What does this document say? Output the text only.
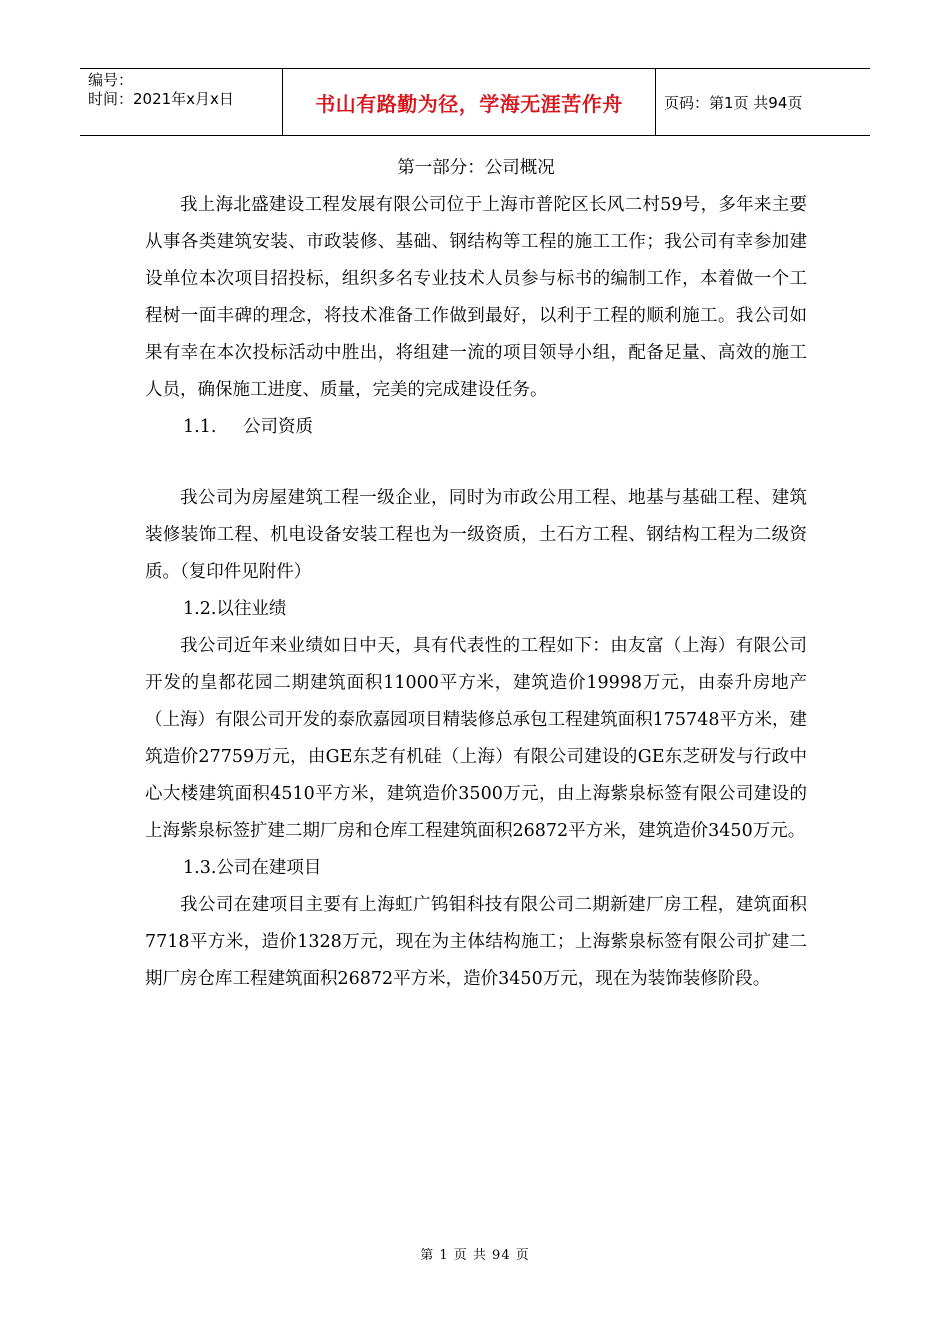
编号：
时间：2021年x月x日	书山有路勤为径，学海无涯苦作舟	页码：第1页 共94页
第一部分：公司概况

我上海北盛建设工程发展有限公司位于上海市普陀区长风二村59号，多年来主要从事各类建筑安装、市政装修、基础、钢结构等工程的施工工作；我公司有幸参加建设单位本次项目招投标，组织多名专业技术人员参与标书的编制工作，本着做一个工程树一面丰碑的理念，将技术准备工作做到最好，以利于工程的顺利施工。我公司如果有幸在本次投标活动中胜出，将组建一流的项目领导小组，配备足量、高效的施工人员，确保施工进度、质量，完美的完成建设任务。

1.1. 公司资质

我公司为房屋建筑工程一级企业，同时为市政公用工程、地基与基础工程、建筑装修装饰工程、机电设备安装工程也为一级资质，土石方工程、钢结构工程为二级资质。（复印件见附件）

1.2.以往业绩

我公司近年来业绩如日中天，具有代表性的工程如下：由友富（上海）有限公司开发的皇都花园二期建筑面积11000平方米，建筑造价19998万元，由泰升房地产（上海）有限公司开发的泰欣嘉园项目精装修总承包工程建筑面积175748平方米，建筑造价27759万元，由GE东芝有机硅（上海）有限公司建设的GE东芝研发与行政中心大楼建筑面积4510平方米，建筑造价3500万元，由上海紫泉标签有限公司建设的上海紫泉标签扩建二期厂房和仓库工程建筑面积26872平方米，建筑造价3450万元。

1.3.公司在建项目

我公司在建项目主要有上海虹广钨钼科技有限公司二期新建厂房工程，建筑面积7718平方米，造价1328万元，现在为主体结构施工；上海紫泉标签有限公司扩建二期厂房仓库工程建筑面积26872平方米，造价3450万元，现在为装饰装修阶段。

第 1 页 共 94 页
